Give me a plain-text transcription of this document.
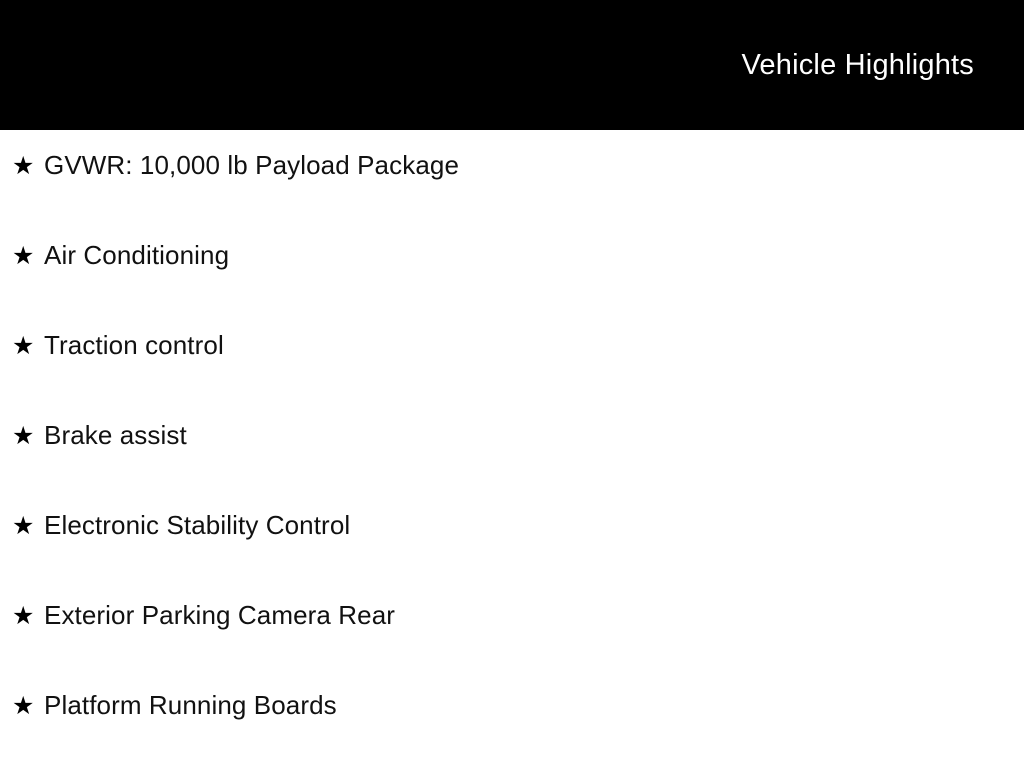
Vehicle Highlights
★ GVWR: 10,000 lb Payload Package
★ Air Conditioning
★ Traction control
★ Brake assist
★ Electronic Stability Control
★ Exterior Parking Camera Rear
★ Platform Running Boards
